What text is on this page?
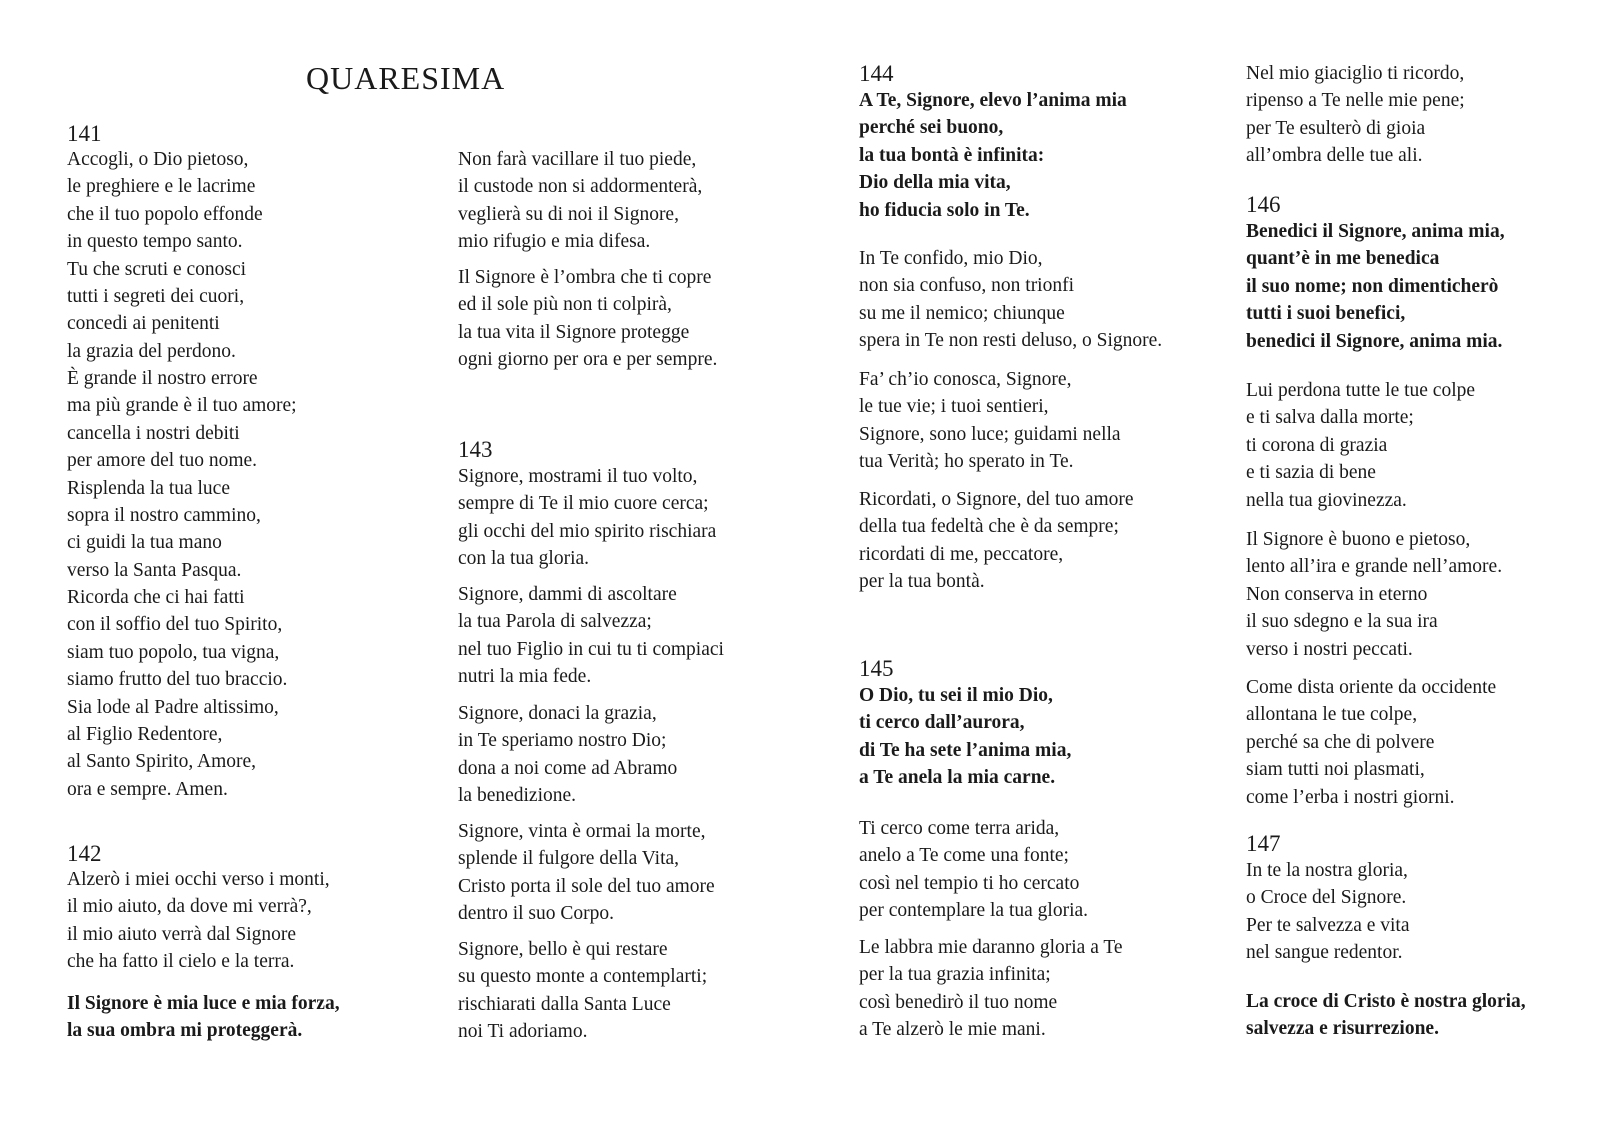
QUARESIMA
141
Accogli, o Dio pietoso,
le preghiere e le lacrime
che il tuo popolo effonde
in questo tempo santo.
Tu che scruti e conosci
tutti i segreti dei cuori,
concedi ai penitenti
la grazia del perdono.
È grande il nostro errore
ma più grande è il tuo amore;
cancella i nostri debiti
per amore del tuo nome.
Risplenda la tua luce
sopra il nostro cammino,
ci guidi la tua mano
verso la Santa Pasqua.
Ricorda che ci hai fatti
con il soffio del tuo Spirito,
siam tuo popolo, tua vigna,
siamo frutto del tuo braccio.
Sia lode al Padre altissimo,
al Figlio Redentore,
al Santo Spirito, Amore,
ora e sempre. Amen.
142
Alzerò i miei occhi verso i monti,
il mio aiuto, da dove mi verrà?,
il mio aiuto verrà dal Signore
che ha fatto il cielo e la terra.
Il Signore è mia luce e mia forza,
la sua ombra mi proteggerà.
Non farà vacillare il tuo piede,
il custode non si addormenterà,
veglierà su di noi il Signore,
mio rifugio e mia difesa.
Il Signore è l’ombra che ti copre
ed il sole più non ti colpirà,
la tua vita il Signore protegge
ogni giorno per ora e per sempre.
143
Signore, mostrami il tuo volto,
sempre di Te il mio cuore cerca;
gli occhi del mio spirito rischiara
con la tua gloria.
Signore, dammi di ascoltare
la tua Parola di salvezza;
nel tuo Figlio in cui tu ti compiaci
nutri la mia fede.
Signore, donaci la grazia,
in Te speriamo nostro Dio;
dona a noi come ad Abramo
la benedizione.
Signore, vinta è ormai la morte,
splende il fulgore della Vita,
Cristo porta il sole del tuo amore
dentro il suo Corpo.
Signore, bello è qui restare
su questo monte a contemplarti;
rischiarati dalla Santa Luce
noi Ti adoriamo.
144
A Te, Signore, elevo l’anima mia
perché sei buono,
la tua bontà è infinita:
Dio della mia vita,
ho fiducia solo in Te.
In Te confido, mio Dio,
non sia confuso, non trionfi
su me il nemico; chiunque
spera in Te non resti deluso, o Signore.
Fa’ ch’io conosca, Signore,
le tue vie; i tuoi sentieri,
Signore, sono luce; guidami nella
tua Verità; ho sperato in Te.
Ricordati, o Signore, del tuo amore
della tua fedeltà che è da sempre;
ricordati di me, peccatore,
per la tua bontà.
145
O Dio, tu sei il mio Dio,
ti cerco dall’aurora,
di Te ha sete l’anima mia,
a Te anela la mia carne.
Ti cerco come terra arida,
anelo a Te come una fonte;
così nel tempio ti ho cercato
per contemplare la tua gloria.
Le labbra mie daranno gloria a Te
per la tua grazia infinita;
così benedirò il tuo nome
a Te alzerò le mie mani.
Nel mio giaciglio ti ricordo,
ripenso a Te nelle mie pene;
per Te esulterò di gioia
all’ombra delle tue ali.
146
Benedici il Signore, anima mia,
quant’è in me benedica
il suo nome; non dimenticherò
tutti i suoi benefici,
benedici il Signore, anima mia.
Lui perdona tutte le tue colpe
e ti salva dalla morte;
ti corona di grazia
e ti sazia di bene
nella tua giovinezza.
Il Signore è buono e pietoso,
lento all’ira e grande nell’amore.
Non conserva in eterno
il suo sdegno e la sua ira
verso i nostri peccati.
Come dista oriente da occidente
allontana le tue colpe,
perché sa che di polvere
siam tutti noi plasmati,
come l’erba i nostri giorni.
147
In te la nostra gloria,
o Croce del Signore.
Per te salvezza e vita
nel sangue redentor.
La croce di Cristo è nostra gloria,
salvezza e risurrezione.
